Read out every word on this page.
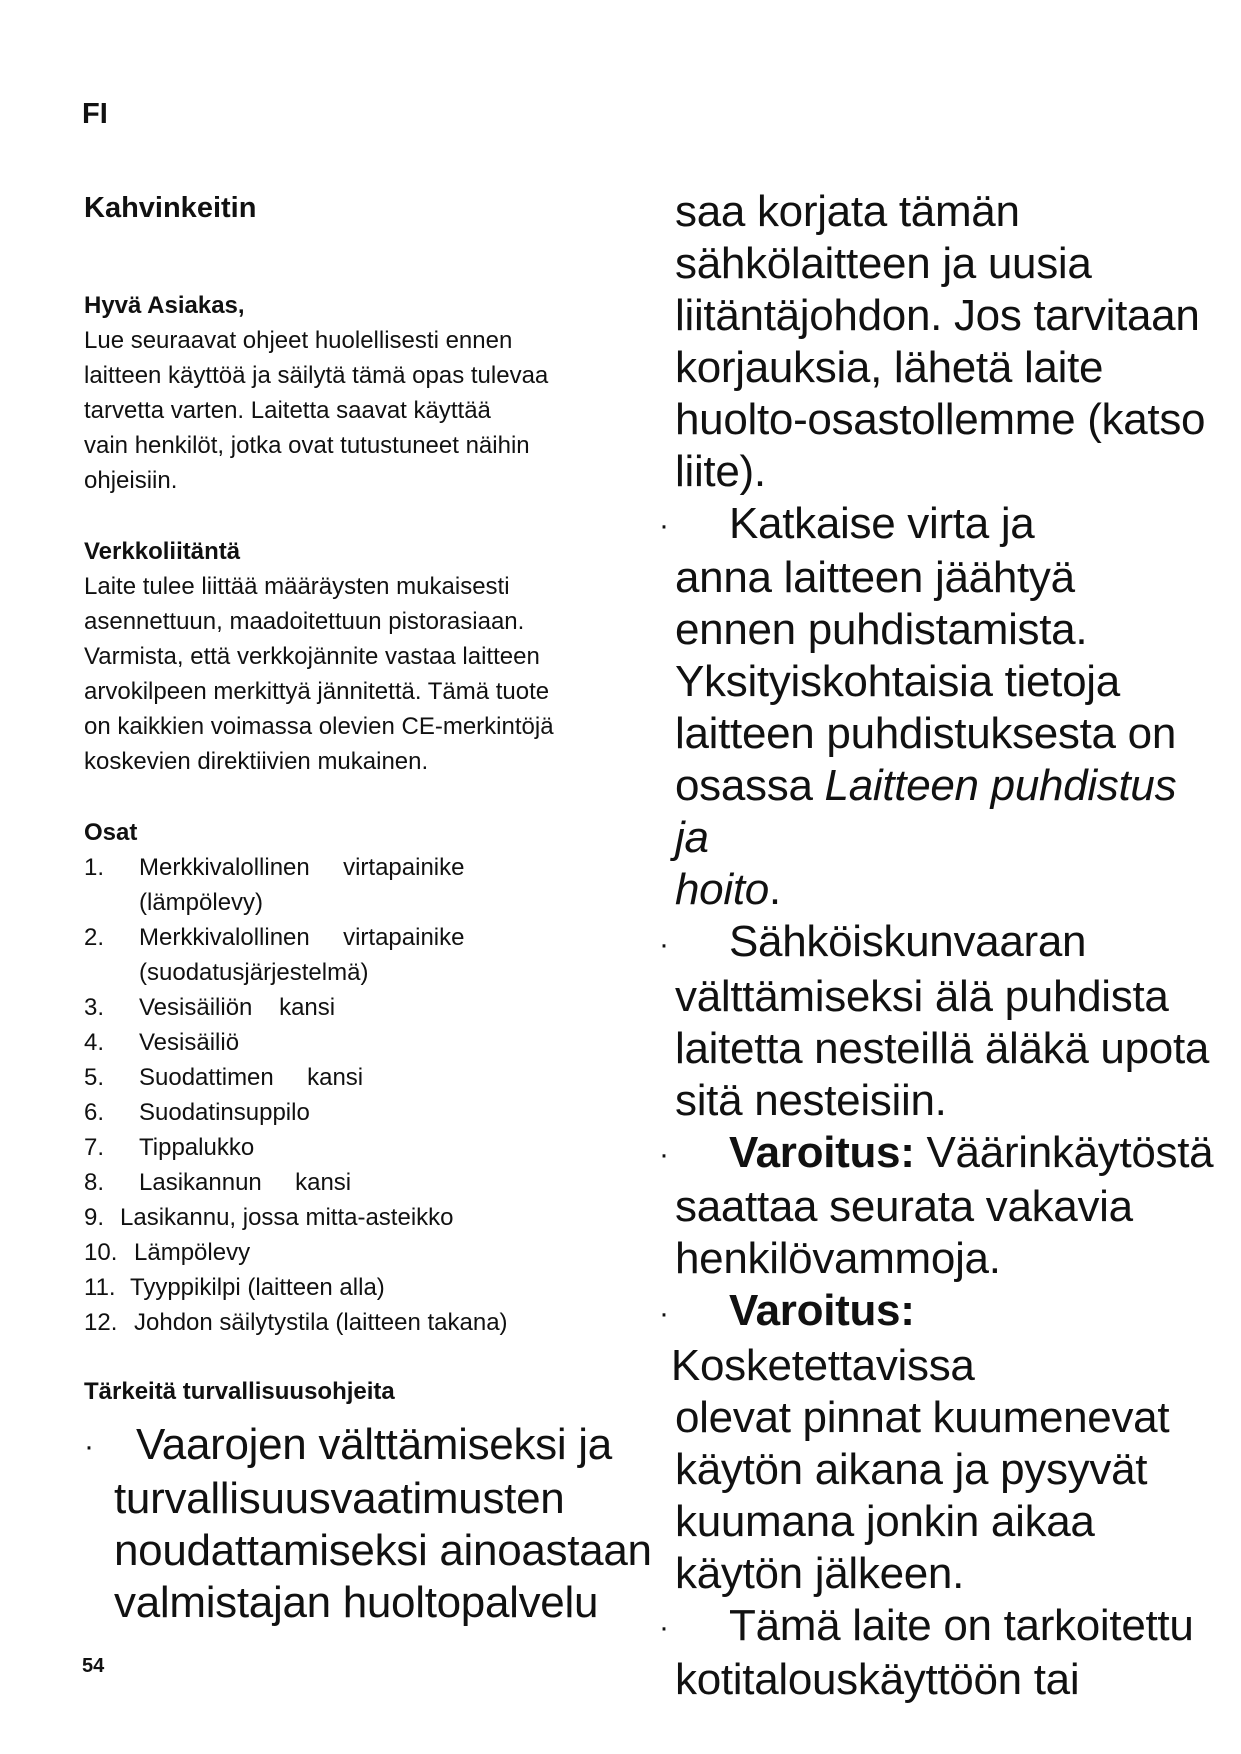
FI
Kahvinkeitin

Hyvä Asiakas,

Lue seuraavat ohjeet huolellisesti ennen
laitteen käyttöä ja säilytä tämä opas tulevaa
tarvetta varten. Laitetta saavat käyttää
vain henkilöt, jotka ovat tutustuneet näihin
ohjeisiin.

Verkkoliitäntä

Laite tulee liittää määräysten mukaisesti
asennettuun, maadoitettuun pistorasiaan.
Varmista, että verkkojännite vastaa laitteen
arvokilpeen merkittyä jännitettä. Tämä tuote
on kaikkien voimassa olevien CE-merkintöjä
koskevien direktiivien mukainen.

Osat

1. Merkkivalollinen     virtapainike
(lämpölevy)
2. Merkkivalollinen     virtapainike
(suodatusjärjestelmä)
3. Vesisäiliön    kansi
4. Vesisäiliö
5. Suodattimen     kansi
6. Suodatinsuppilo
7. Tippalukko
8. Lasikannun     kansi
9. Lasikannu, jossa mitta-asteikko
10. Lämpölevy
11. Tyyppikilpi (laitteen alla)
12. Johdon säilytystila (laitteen takana)

Tärkeitä turvallisuusohjeita

· Vaarojen välttämiseksi ja
turvallisuusvaatimusten
noudattamiseksi ainoastaan
valmistajan huoltopalvelu
saa korjata tämän
sähkölaitteen ja uusia
liitäntäjohdon. Jos tarvitaan
korjauksia, lähetä laite
huolto-osastollemme (katso
liite).
· Katkaise virta ja
anna laitteen jäähtyä
ennen puhdistamista.
Yksityiskohtaisia tietoja
laitteen puhdistuksesta on
osassa Laitteen puhdistus ja
hoito.
· Sähköiskunvaaran
välttämiseksi älä puhdista
laitetta nesteillä äläkä upota
sitä nesteisiin.
· Varoitus: Väärinkäytöstä
saattaa seurata vakavia
henkilövammoja.
· Varoitus: Kosketettavissa
olevat pinnat kuumenevat
käytön aikana ja pysyvät
kuumana jonkin aikaa
käytön jälkeen.
· Tämä laite on tarkoitettu
kotitalouskäyttöön tai
54
